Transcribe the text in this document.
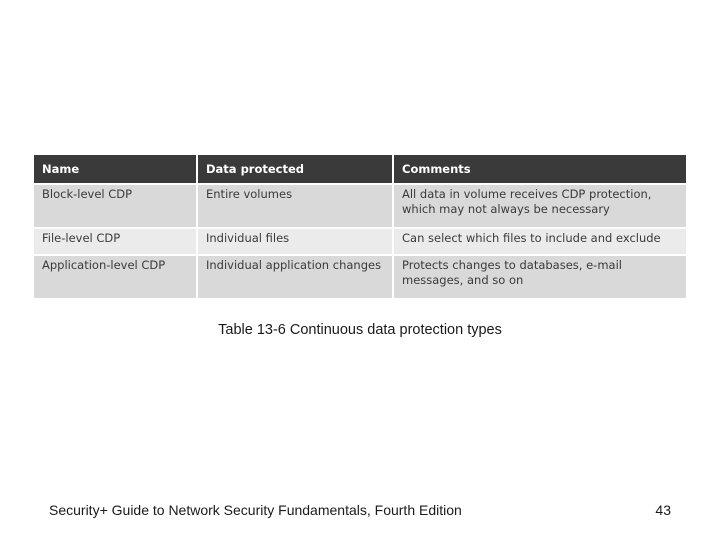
Name	Data protected	Comments
Block-level CDP	Entire volumes	All data in volume receives CDP protection, which may not always be necessary
File-level CDP	Individual files	Can select which files to include and exclude
Application-level CDP	Individual application changes	Protects changes to databases, e-mail messages, and so on
Table 13-6 Continuous data protection types
Security+ Guide to Network Security Fundamentals, Fourth Edition	43
